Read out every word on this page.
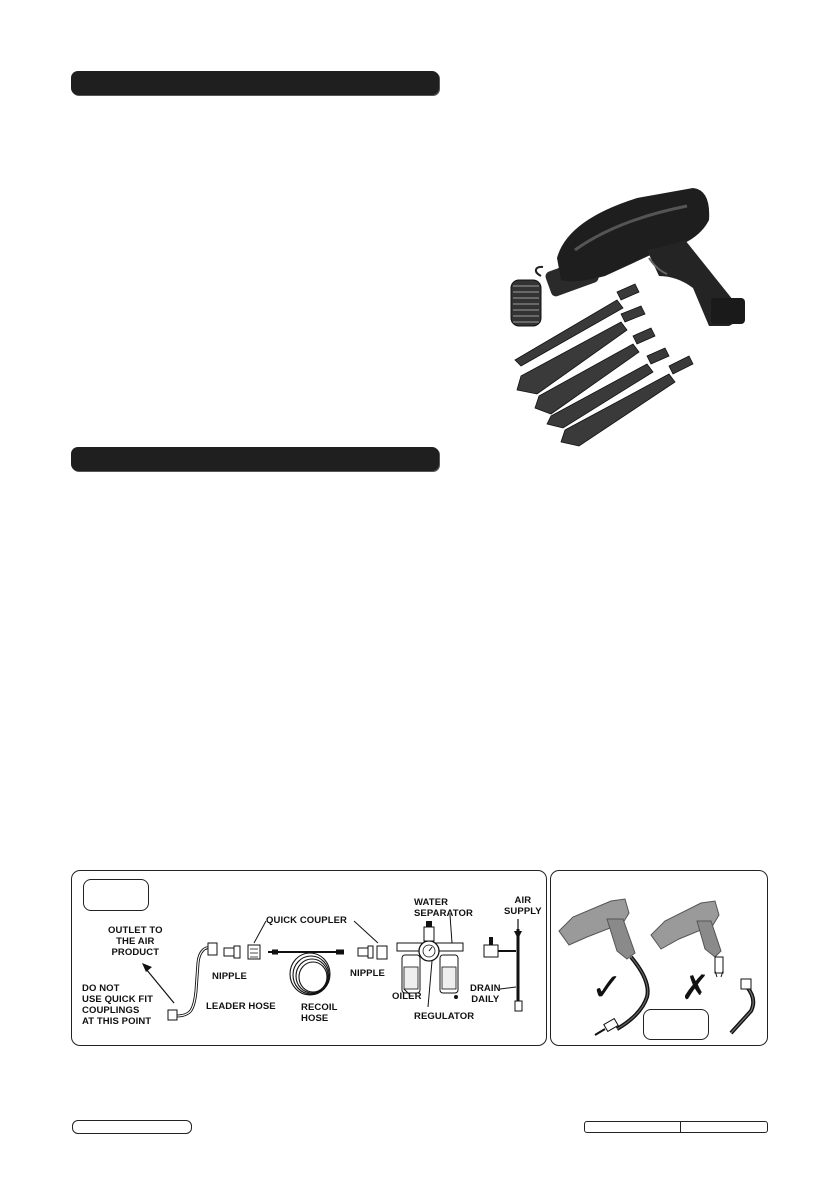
OUTLET TO
THE AIR
PRODUCT
DO NOT
USE QUICK FIT
COUPLINGS
AT THIS POINT
QUICK COUPLER
NIPPLE	NIPPLE
LEADER HOSE	RECOIL
HOSE
WATER
SEPARATOR
AIR
SUPPLY
OILER
REGULATOR
DRAIN
DAILY ✓ ✗
